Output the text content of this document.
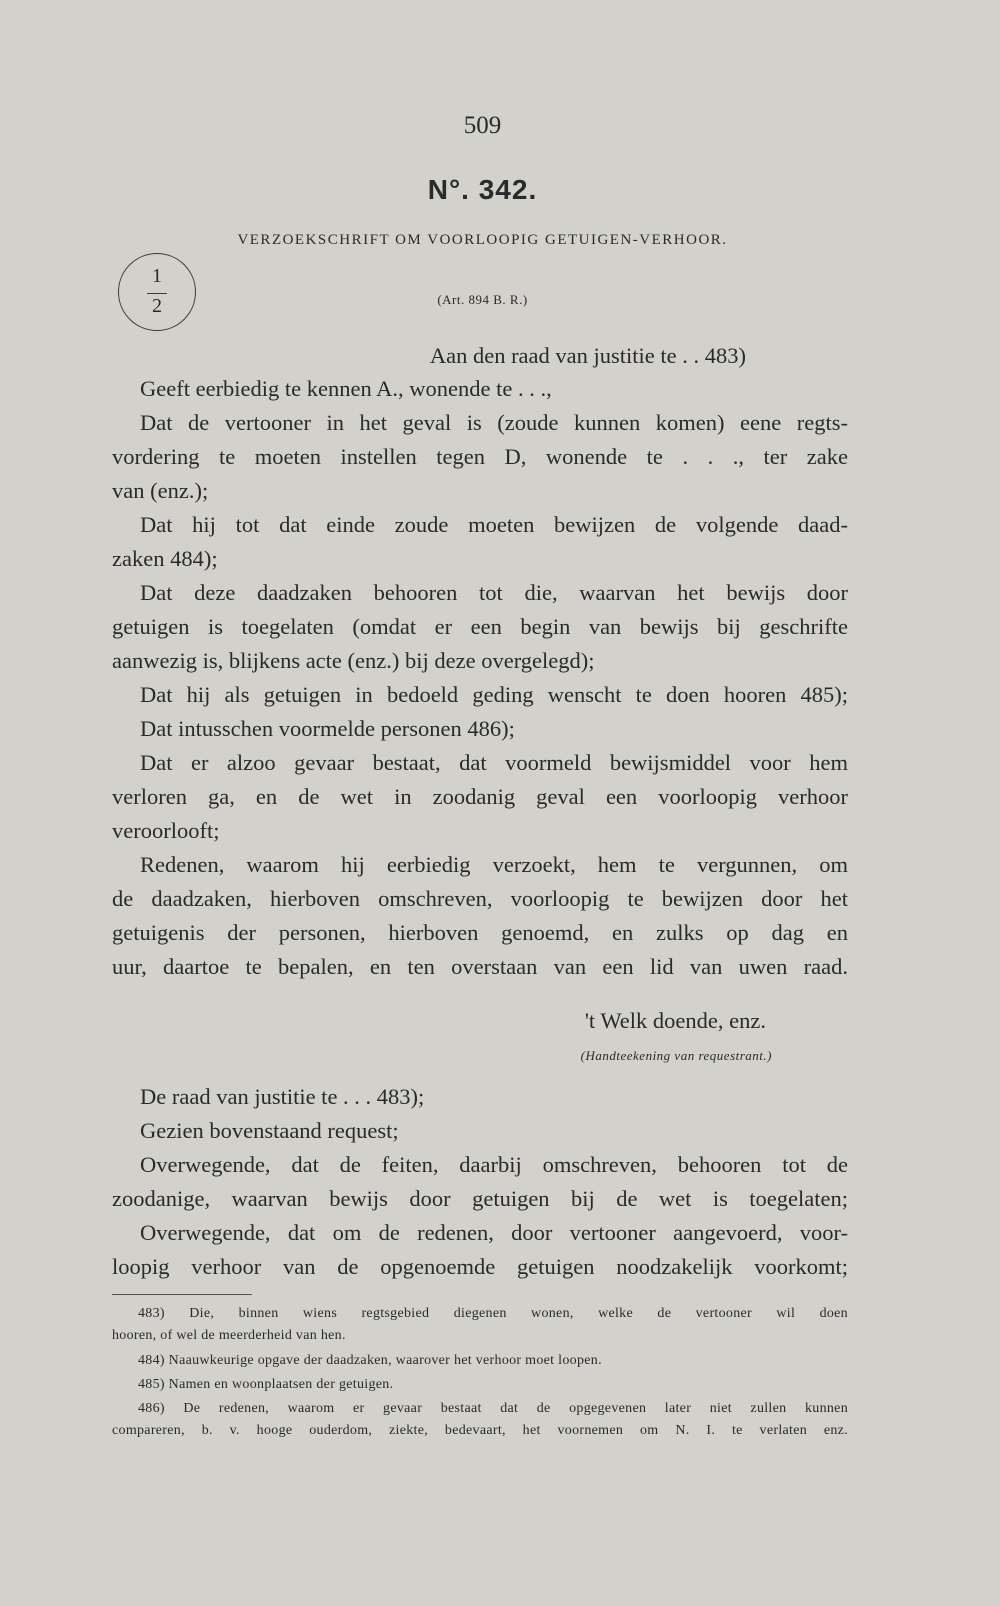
509
N°. 342.
VERZOEKSCHRIFT OM VOORLOOPIG GETUIGEN-VERHOOR.
1
2	(Art. 894 B. R.)
Aan den raad van justitie te . . 483)
Geeft eerbiedig te kennen A., wonende te . . .,
Dat de vertooner in het geval is (zoude kunnen komen) eene regts-
vordering te moeten instellen tegen D, wonende te . . ., ter zake
van (enz.);
Dat hij tot dat einde zoude moeten bewijzen de volgende daad-
zaken 484);
Dat deze daadzaken behooren tot die, waarvan het bewijs door
getuigen is toegelaten (omdat er een begin van bewijs bij geschrifte
aanwezig is, blijkens acte (enz.) bij deze overgelegd);
Dat hij als getuigen in bedoeld geding wenscht te doen hooren 485);
Dat intusschen voormelde personen 486);
Dat er alzoo gevaar bestaat, dat voormeld bewijsmiddel voor hem
verloren ga, en de wet in zoodanig geval een voorloopig verhoor
veroorlooft;
Redenen, waarom hij eerbiedig verzoekt, hem te vergunnen, om
de daadzaken, hierboven omschreven, voorloopig te bewijzen door het
getuigenis der personen, hierboven genoemd, en zulks op dag en
uur, daartoe te bepalen, en ten overstaan van een lid van uwen raad.
't Welk doende, enz.
(Handteekening van requestrant.)
De raad van justitie te . . . 483);
Gezien bovenstaand request;
Overwegende, dat de feiten, daarbij omschreven, behooren tot de
zoodanige, waarvan bewijs door getuigen bij de wet is toegelaten;
Overwegende, dat om de redenen, door vertooner aangevoerd, voor-
loopig verhoor van de opgenoemde getuigen noodzakelijk voorkomt;
483) Die, binnen wiens regtsgebied diegenen wonen, welke de vertooner wil doen
hooren, of wel de meerderheid van hen.
484) Naauwkeurige opgave der daadzaken, waarover het verhoor moet loopen.
485) Namen en woonplaatsen der getuigen.
486) De redenen, waarom er gevaar bestaat dat de opgegevenen later niet zullen kunnen
compareren, b. v. hooge ouderdom, ziekte, bedevaart, het voornemen om N. I. te verlaten enz.
